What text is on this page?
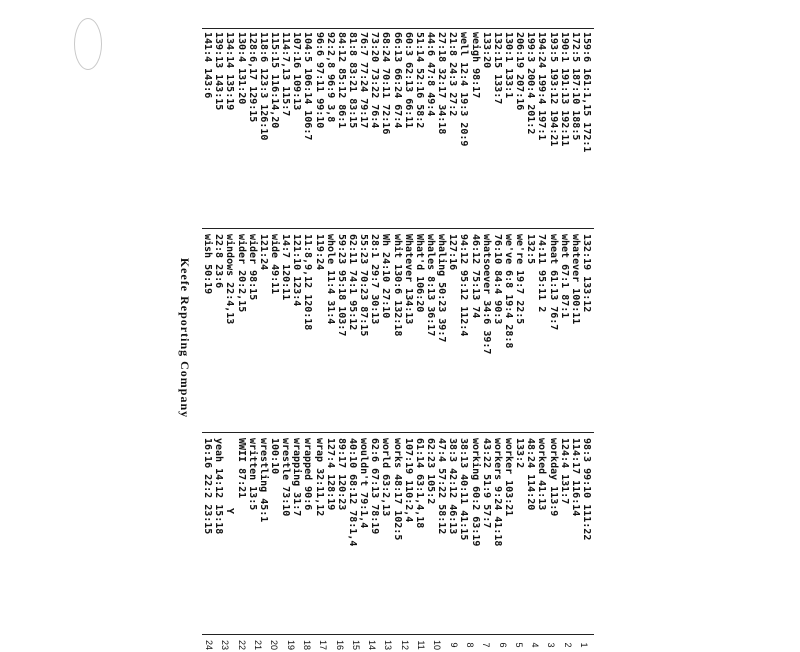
159:6 161:1,15 172:1
172:5 187:10 188:5
190:1 191:13 192:11
193:5 193:12 194:21
194:24 199:4 197:1
199:3 200:4 201:2
206:19 207:16
130:1 133:1
132:15 133:7
133:20
weigh 98:17
well 12:4 19:3 20:9
21:8 24:3 27:2
27:18 32:17 34:18
44:6 47:8 49:4
51:14 52:16 58:2
60:3 62:13 66:11
66:13 66:24 67:4
68:24 70:11 72:16
73:20 73:22 76:4
76:7 77:24 79:17
81:8 83:21 83:15
84:12 85:12 86:1
92:2,8 96:9 3,8
96:6 97:11 99:10
104:5 106:14 106:7
107:16 109:13
114:7,13 115:7
115:15 116:14,20
118:6 123:3 126:10
128:6,17 129:15
130:4 131:20
134:14 135:19
139:13 143:15
141:4 143:6
132:19 133:12
whatever 100:11
whet 67:1 87:1
wheat 61:13 76:7
74:11 95:11 2
132:5
we're 19:7 22:5
we've 6:8 19:4 28:8
76:10 84:4 90:3
whatsoever 34:6 39:7
46:12 75:13 74
94:12 95:12 112:4
127:16
whaling 50:23 39:7
whales 8:13 36:17
What'd 106:20
Whatever 134:13
whit 130:6 132:18
Wh 24:10 27:10
28:1 29:7 30:13
55:23 70:23 87:15
62:11 74:1 95:12
59:23 95:18 103:7
whole 11:4 31:4
119:24
11:8,9,12 120:18
121:10 123:4
14:7 120:11
wide 49:11
121:24
wider 98:15
wider 20:2,15
windows 22:4,13
22:8 23:6
wish 50:19
98:3 99:10 111:22
114:17 116:14
124:4 131:7
workday 113:9
worked 41:13
48:24 114:20
133:2
worker 103:21
workers 9:24 41:18
43:22 51:9 57:7
working 60:2 63:19
38:13 40:11 41:15
38:3 42:12 46:13
47:4 57:22 58:12
62:23 105:2
61:14 63:1,4,18
107:19 110:2,4
works 48:17 102:5
world 63:2,13
62:6 67:13 78:19
wouldn't 79:1,4
40:10 68:12 78:1,4
89:17 120:23
127:4 128:19
wrap 32:11,12
wrapped 90:6
wrapping 31:7
wrestle 73:10
100:10
wrestling 45:1
written 13:5
WWII 87:21
Y
yeah 14:12 15:18
16:16 22:2 23:15
1
2
3
4
5
6
7
8
9
10
11
12
13
14
15
16
17
18
19
20
21
22
23
24
Keefe Reporting Company
